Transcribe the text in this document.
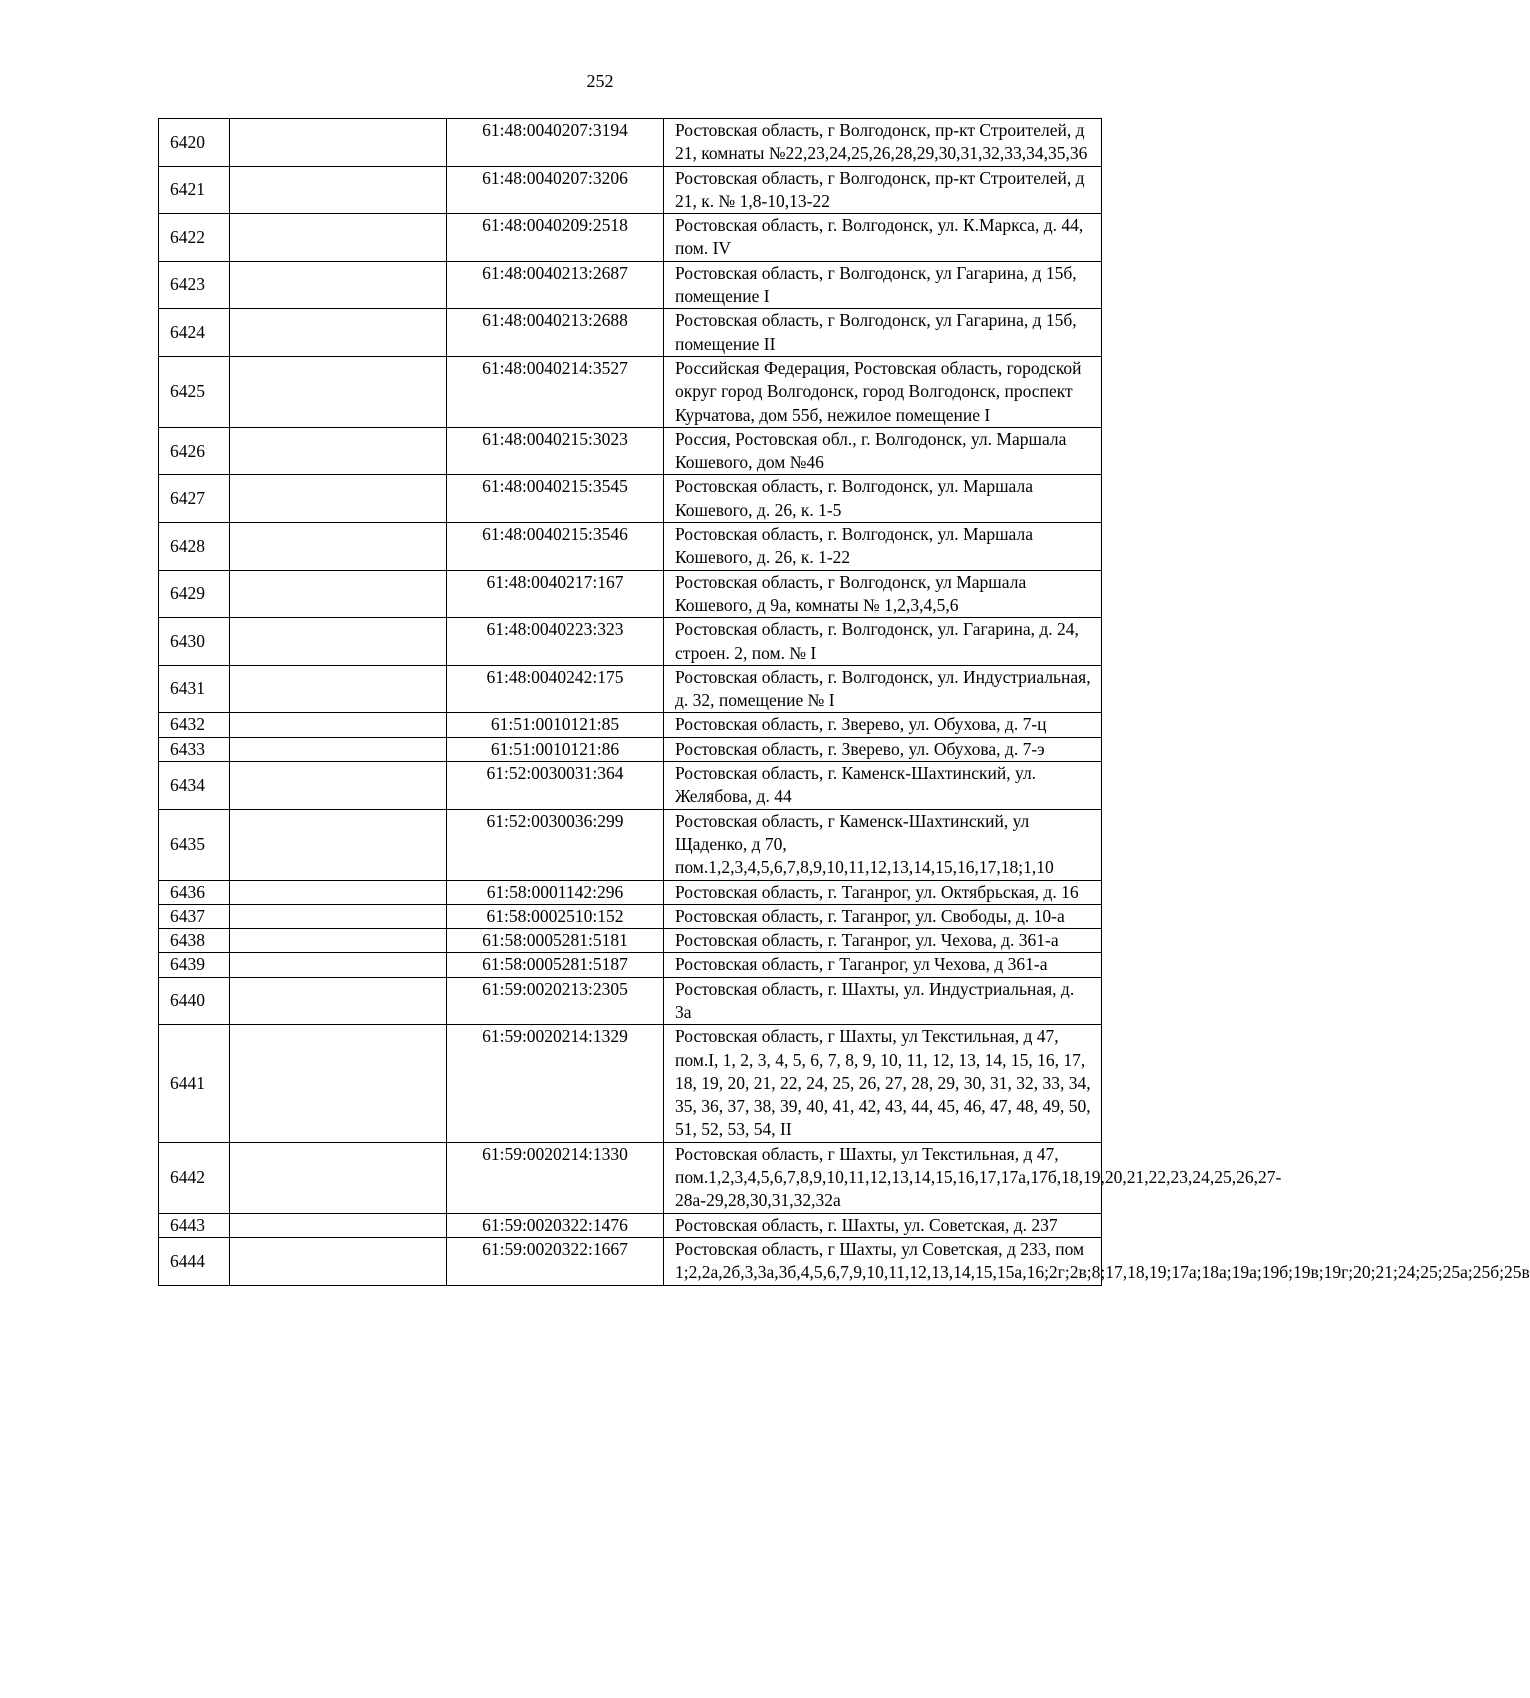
252
6420		61:48:0040207:3194	Ростовская область, г Волгодонск, пр-кт Строителей, д 21, комнаты №22,23,24,25,26,28,29,30,31,32,33,34,35,36
6421		61:48:0040207:3206	Ростовская область, г Волгодонск, пр-кт Строителей, д 21, к. № 1,8-10,13-22
6422		61:48:0040209:2518	Ростовская область, г. Волгодонск, ул. К.Маркса, д. 44, пом. IV
6423		61:48:0040213:2687	Ростовская область, г Волгодонск, ул Гагарина, д 15б, помещение I
6424		61:48:0040213:2688	Ростовская область, г Волгодонск, ул Гагарина, д 15б, помещение II
6425		61:48:0040214:3527	Российская Федерация, Ростовская область, городской округ город Волгодонск, город Волгодонск, проспект Курчатова, дом 55б, нежилое помещение I
6426		61:48:0040215:3023	Россия, Ростовская обл., г. Волгодонск, ул. Маршала Кошевого, дом №46
6427		61:48:0040215:3545	Ростовская область, г. Волгодонск, ул. Маршала Кошевого, д. 26, к. 1-5
6428		61:48:0040215:3546	Ростовская область, г. Волгодонск, ул. Маршала Кошевого, д. 26, к. 1-22
6429		61:48:0040217:167	Ростовская область, г Волгодонск, ул Маршала Кошевого, д 9а, комнаты № 1,2,3,4,5,6
6430		61:48:0040223:323	Ростовская область, г. Волгодонск, ул. Гагарина, д. 24, строен. 2, пом. № I
6431		61:48:0040242:175	Ростовская область, г. Волгодонск, ул. Индустриальная, д. 32, помещение № I
6432		61:51:0010121:85	Ростовская область, г. Зверево, ул. Обухова, д. 7-ц
6433		61:51:0010121:86	Ростовская область, г. Зверево, ул. Обухова, д. 7-э
6434		61:52:0030031:364	Ростовская область, г. Каменск-Шахтинский, ул. Желябова, д. 44
6435		61:52:0030036:299	Ростовская область, г Каменск-Шахтинский, ул Щаденко, д 70, пом.1,2,3,4,5,6,7,8,9,10,11,12,13,14,15,16,17,18;1,10
6436		61:58:0001142:296	Ростовская область, г. Таганрог, ул. Октябрьская, д. 16
6437		61:58:0002510:152	Ростовская область, г. Таганрог, ул. Свободы, д. 10-а
6438		61:58:0005281:5181	Ростовская область, г. Таганрог, ул. Чехова, д. 361-а
6439		61:58:0005281:5187	Ростовская область, г Таганрог, ул Чехова, д 361-а
6440		61:59:0020213:2305	Ростовская область, г. Шахты, ул. Индустриальная, д. 3а
6441		61:59:0020214:1329	Ростовская область, г Шахты, ул Текстильная, д 47, пом.I, 1, 2, 3, 4, 5, 6, 7, 8, 9, 10, 11, 12, 13, 14, 15, 16, 17, 18, 19, 20, 21, 22, 24, 25, 26, 27, 28, 29, 30, 31, 32, 33, 34, 35, 36, 37, 38, 39, 40, 41, 42, 43, 44, 45, 46, 47, 48, 49, 50, 51, 52, 53, 54, II
6442		61:59:0020214:1330	Ростовская область, г Шахты, ул Текстильная, д 47, пом.1,2,3,4,5,6,7,8,9,10,11,12,13,14,15,16,17,17а,17б,18,19,20,21,22,23,24,25,26,27-28а-29,28,30,31,32,32а
6443		61:59:0020322:1476	Ростовская область, г. Шахты, ул. Советская, д. 237
6444		61:59:0020322:1667	Ростовская область, г Шахты, ул Советская, д 233, пом 1;2,2а,2б,3,3а,3б,4,5,6,7,9,10,11,12,13,14,15,15а,16;2г;2в;8;17,18,19;17а;18а;19а;19б;19в;19г;20;21;24;25;25а;25б;25в
